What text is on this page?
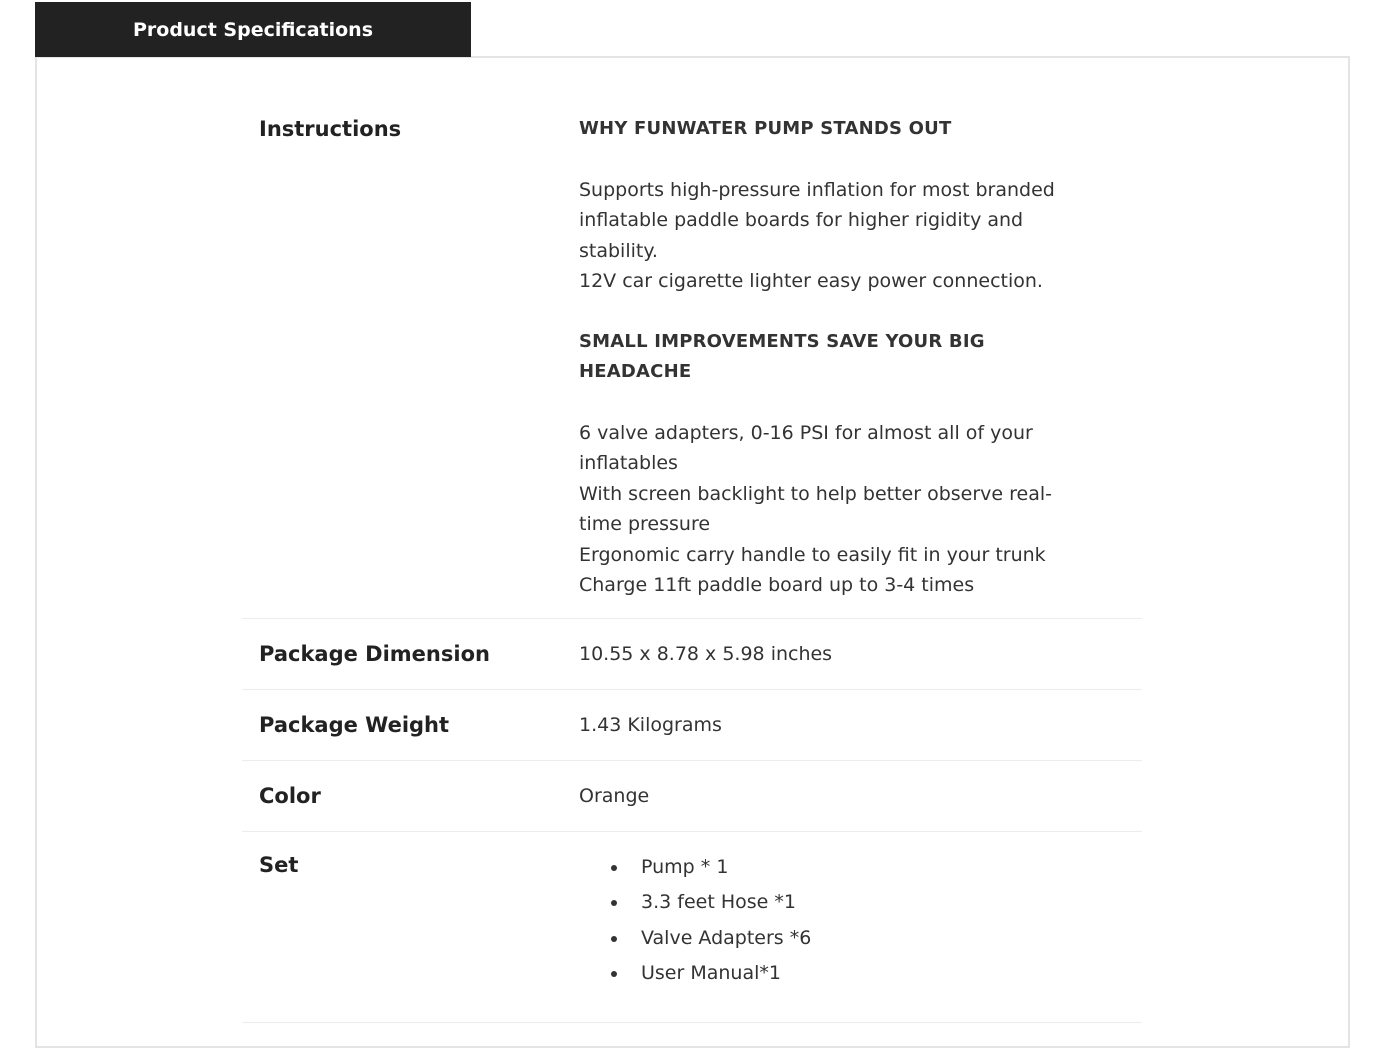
Product Specifications
Instructions	WHY FUNWATER PUMP STANDS OUT
Supports high-pressure inflation for most branded
inflatable paddle boards for higher rigidity and
stability.
12V car cigarette lighter easy power connection.
SMALL IMPROVEMENTS SAVE YOUR BIG
HEADACHE
6 valve adapters, 0-16 PSI for almost all of your
inflatables
With screen backlight to help better observe real-
time pressure
Ergonomic carry handle to easily fit in your trunk
Charge 11ft paddle board up to 3-4 times
Package Dimension	10.55 x 8.78 x 5.98 inches
Package Weight	1.43 Kilograms
Color	Orange
Set	Pump * 1
3.3 feet Hose *1
Valve Adapters *6
User Manual*1
